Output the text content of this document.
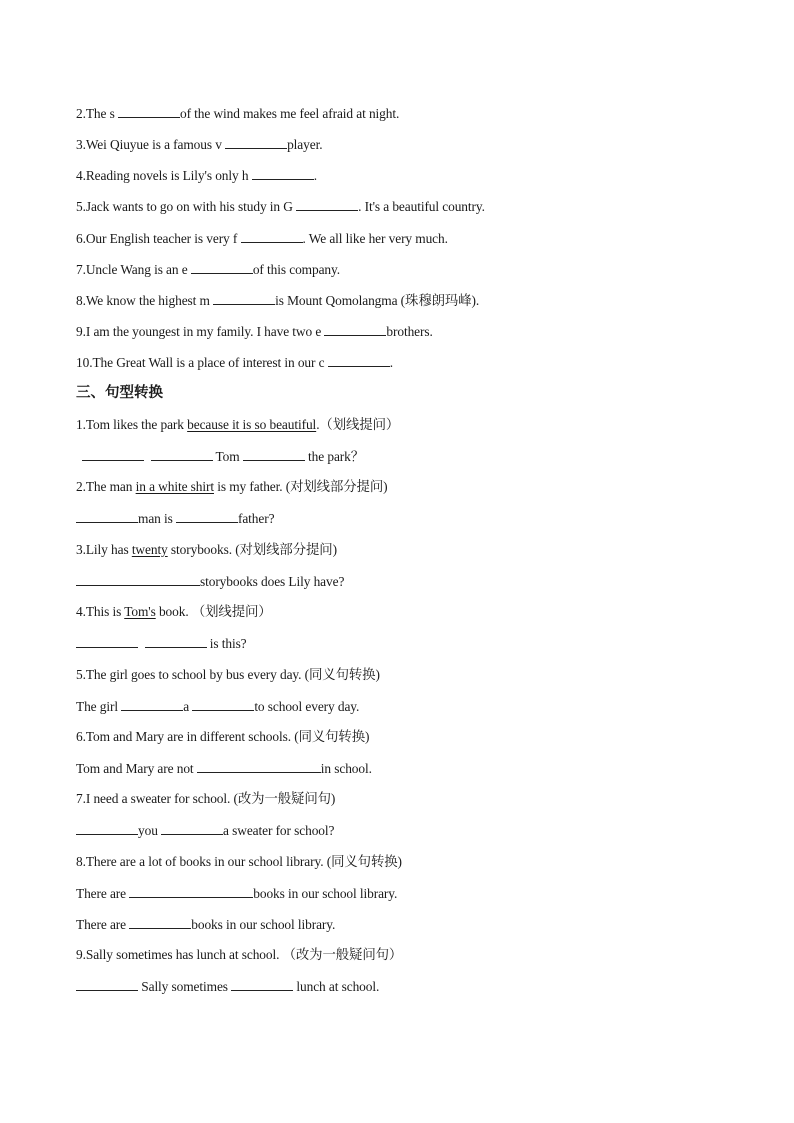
2.The s	of the wind makes me feel afraid at night.
3.Wei Qiuyue is a famous v	player.
4.Reading novels is Lily's only h	.
5.Jack wants to go on with his study in G	. It's a beautiful country.
6.Our English teacher is very f	. We all like her very much.
7.Uncle Wang is an e	of this company.
8.We know the highest m	is Mount Qomolangma (珠穆朗玛峰).
9.I am the youngest in my family. I have two e	brothers.
10.The Great Wall is a place of interest in our c	.
三、句型转换
1.Tom likes the park because it is so beautiful.（划线提问）
Tom	the park？
2.The man in a white shirt is my father. (对划线部分提问)
man is	father?
3.Lily has twenty storybooks. (对划线部分提问)
storybooks does Lily have?
4.This is Tom's book. （划线提问）
is this?
5.The girl goes to school by bus every day. (同义句转换)
The girl	a	to school every day.
6.Tom and Mary are in different schools. (同义句转换)
Tom and Mary are not	in school.
7.I need a sweater for school. (改为一般疑问句)
you	a sweater for school?
8.There are a lot of books in our school library. (同义句转换)
There are	books in our school library.
There are	books in our school library.
9.Sally sometimes has lunch at school. （改为一般疑问句）
Sally sometimes	lunch at school.
